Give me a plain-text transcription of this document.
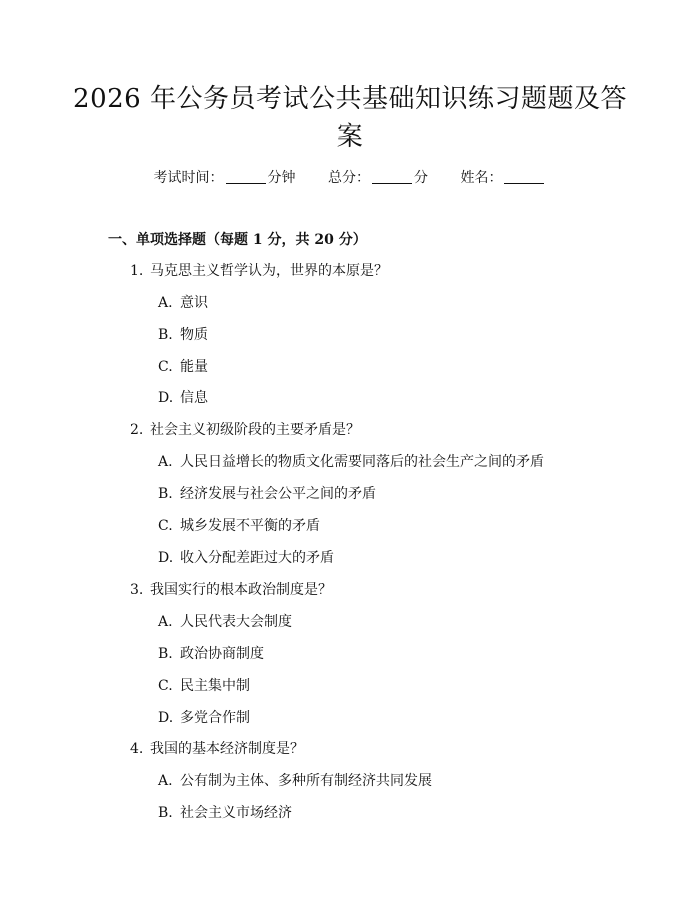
2026 年公务员考试公共基础知识练习题题及答案
考试时间：	分钟 总分：	分 姓名：
一、单项选择题（每题 1 分，共 20 分）
1. 马克思主义哲学认为，世界的本原是？
A. 意识
B. 物质
C. 能量
D. 信息
2. 社会主义初级阶段的主要矛盾是？
A. 人民日益增长的物质文化需要同落后的社会生产之间的矛盾
B. 经济发展与社会公平之间的矛盾
C. 城乡发展不平衡的矛盾
D. 收入分配差距过大的矛盾
3. 我国实行的根本政治制度是？
A. 人民代表大会制度
B. 政治协商制度
C. 民主集中制
D. 多党合作制
4. 我国的基本经济制度是？
A. 公有制为主体、多种所有制经济共同发展
B. 社会主义市场经济
